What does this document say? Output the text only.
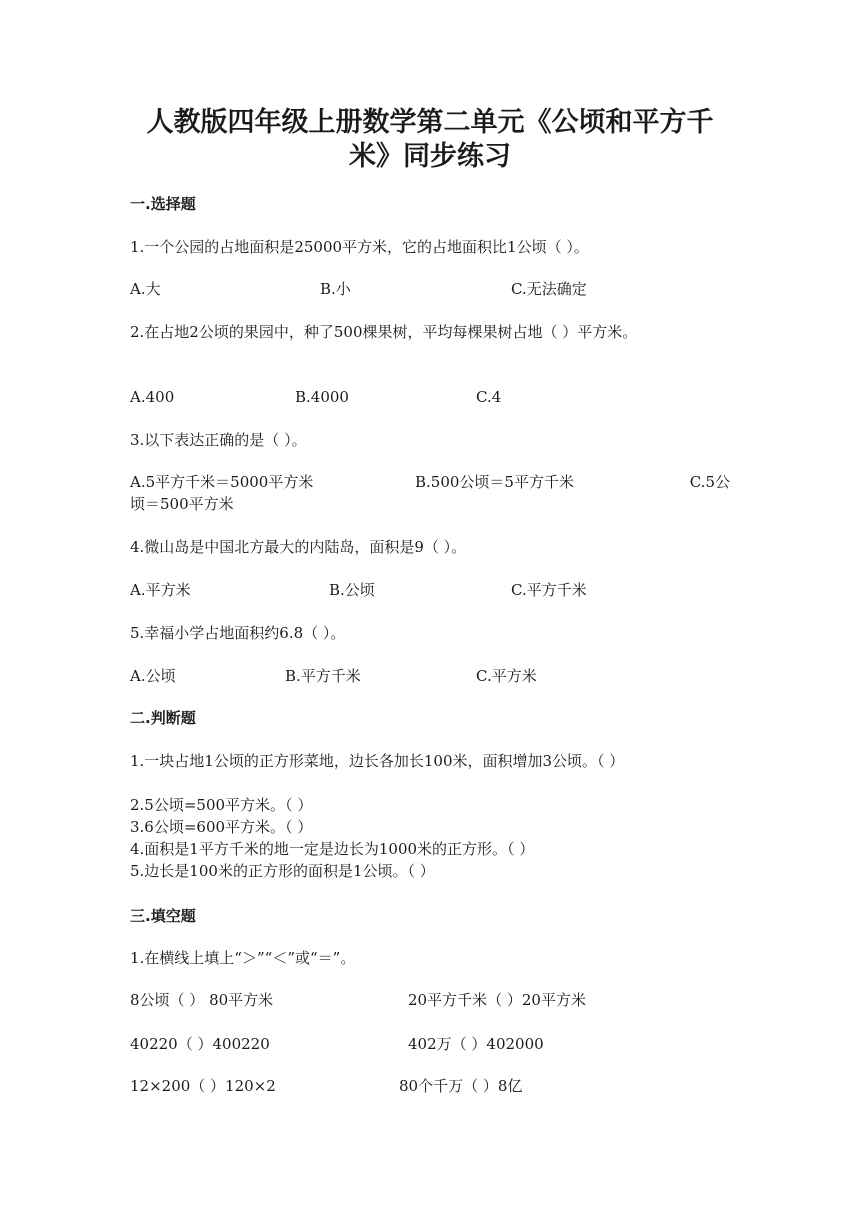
人教版四年级上册数学第二单元《公顷和平方千
米》同步练习
一.选择题
1.一个公园的占地面积是25000平方米，它的占地面积比1公顷（ ）。
A.大	B.小	C.无法确定
2.在占地2公顷的果园中，种了500棵果树，平均每棵果树占地（ ）平方米。
A.400	B.4000	C.4
3.以下表达正确的是（ ）。
A.5平方千米＝5000平方米	B.500公顷＝5平方千米	C.5公
顷＝500平方米
4.微山岛是中国北方最大的内陆岛，面积是9（ ）。
A.平方米	B.公顷	C.平方千米
5.幸福小学占地面积约6.8（ ）。
A.公顷	B.平方千米	C.平方米
二.判断题
1.一块占地1公顷的正方形菜地，边长各加长100米，面积增加3公顷。（ ）
2.5公顷=500平方米。（ ）
3.6公顷=600平方米。（ ）
4.面积是1平方千米的地一定是边长为1000米的正方形。（ ）
5.边长是100米的正方形的面积是1公顷。（ ）
三.填空题
1.在横线上填上“＞”“＜”或“＝”。
8公顷（ ） 80平方米	20平方千米（ ）20平方米
40220（ ）400220	402万（ ）402000
12×200（ ）120×2	80个千万（ ）8亿
